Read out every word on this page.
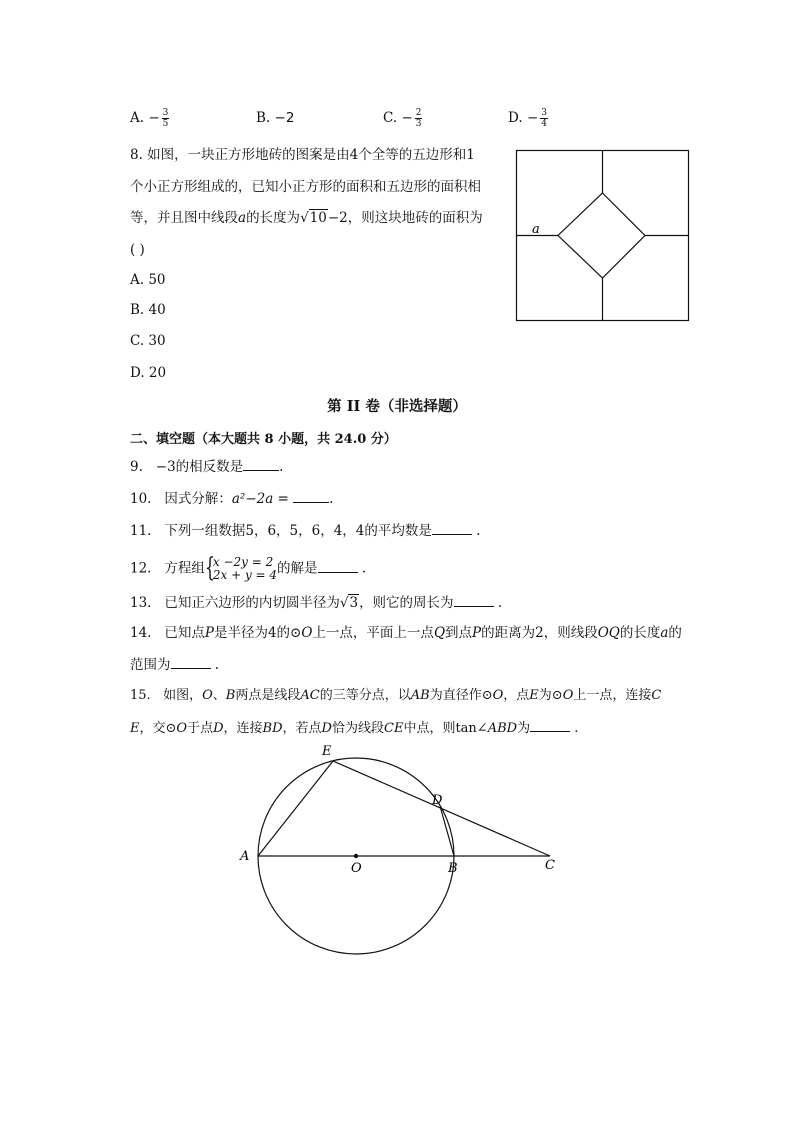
A. − $\frac{3}{5}$	B. −2	C. − $\frac{2}{3}$	D. − $\frac{3}{4}$
8. 如图，一块正方形地砖的图案是由4个全等的五边形和1
个小正方形组成的，已知小正方形的面积和五边形的面积相
等，并且图中线段a的长度为√10−2，则这块地砖的面积为
( )
A. 50
B. 40
C. 30
D. 20
a
第 II 卷（非选择题）
二、填空题（本大题共 8 小题，共 24.0 分）
9. −3的相反数是	.
10. 因式分解：a²−2a =	.
11. 下列一组数据5，6，5，6，4，4的平均数是	.
12. 方程组 {
x −2y = 2
2x + y = 4 的解是	.
13. 已知正六边形的内切圆半径为√3，则它的周长为	.
14. 已知点P是半径为4的⊙O上一点，平面上一点Q到点P的距离为2，则线段OQ的长度a的
范围为	.
15. 如图，O、B两点是线段AC的三等分点，以AB为直径作⊙O，点E为⊙O上一点，连接C
E，交⊙O于点D，连接BD，若点D恰为线段CE中点，则tan∠ABD为	.
E
D
A
O	B	C
